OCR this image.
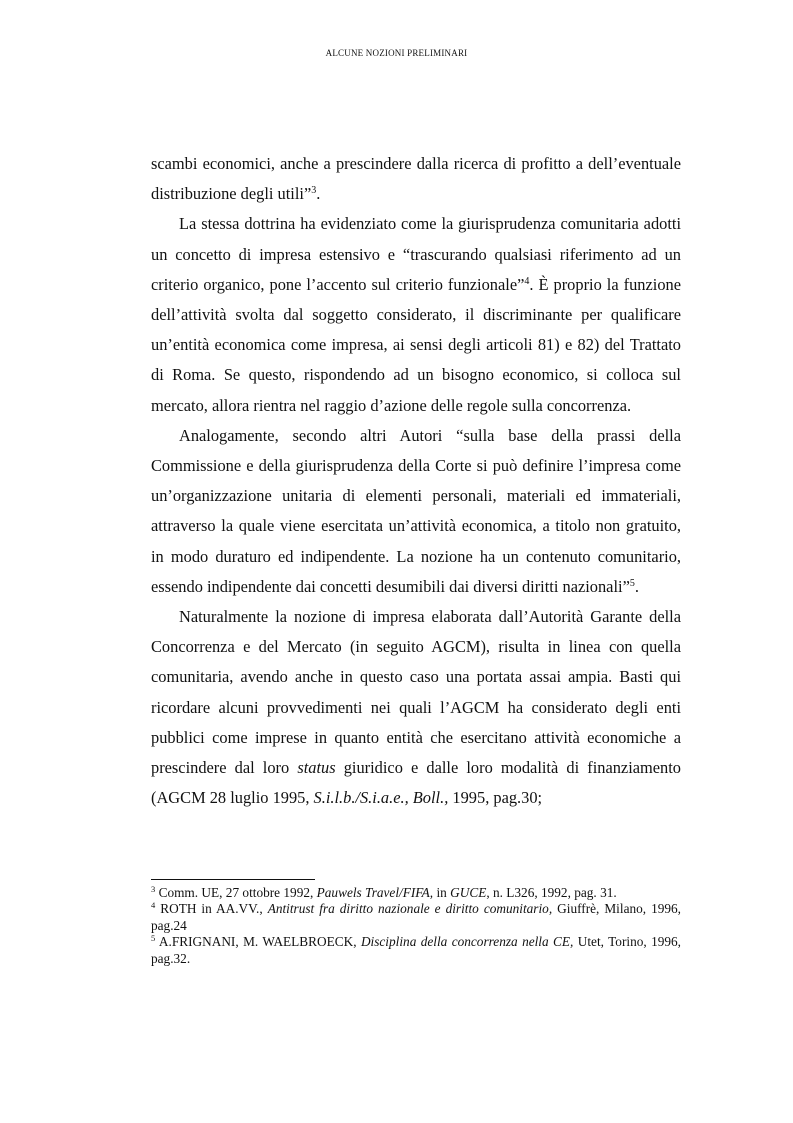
ALCUNE NOZIONI PRELIMINARI

scambi economici, anche a prescindere dalla ricerca di profitto a dell’eventuale distribuzione degli utili”$^3$.

La stessa dottrina ha evidenziato come la giurisprudenza comunitaria adotti un concetto di impresa estensivo e “trascurando qualsiasi riferimento ad un criterio organico, pone l’accento sul criterio funzionale”$^4$. È proprio la funzione dell’attività svolta dal soggetto considerato, il discriminante per qualificare un’entità economica come impresa, ai sensi degli articoli 81) e 82) del Trattato di Roma. Se questo, rispondendo ad un bisogno economico, si colloca sul mercato, allora rientra nel raggio d’azione delle regole sulla concorrenza.

Analogamente, secondo altri Autori “sulla base della prassi della Commissione e della giurisprudenza della Corte si può definire l’impresa come un’organizzazione unitaria di elementi personali, materiali ed immateriali, attraverso la quale viene esercitata un’attività economica, a titolo non gratuito, in modo duraturo ed indipendente. La nozione ha un contenuto comunitario, essendo indipendente dai concetti desumibili dai diversi diritti nazionali”$^5$.

Naturalmente la nozione di impresa elaborata dall’Autorità Garante della Concorrenza e del Mercato (in seguito AGCM), risulta in linea con quella comunitaria, avendo anche in questo caso una portata assai ampia. Basti qui ricordare alcuni provvedimenti nei quali l’AGCM ha considerato degli enti pubblici come imprese in quanto entità che esercitano attività economiche a prescindere dal loro status giuridico e dalle loro modalità di finanziamento (AGCM 28 luglio 1995, S.i.l.b./S.i.a.e., Boll., 1995, pag.30;

$^3$ Comm. UE, 27 ottobre 1992, Pauwels Travel/FIFA, in GUCE, n. L326, 1992, pag. 31.

$^4$ ROTH in AA.VV., Antitrust fra diritto nazionale e diritto comunitario, Giuffrè, Milano, 1996, pag.24

$^5$ A.FRIGNANI, M. WAELBROECK, Disciplina della concorrenza nella CE, Utet, Torino, 1996, pag.32.
